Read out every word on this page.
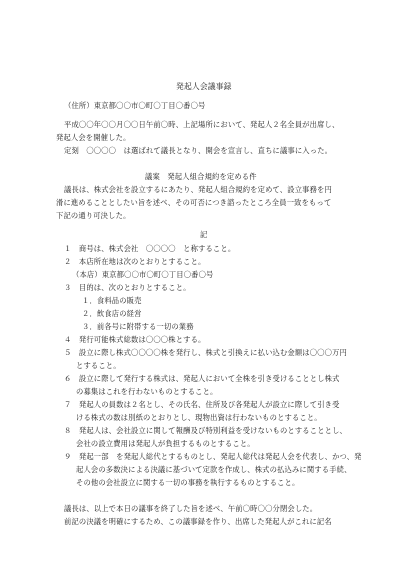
発起人会議事録
（住所）東京都〇〇市〇町〇丁目〇番〇号
平成〇〇年〇〇月〇〇日午前〇時、上記場所において、発起人２名全員が出席し、
発起人会を開催した。
定刻　〇〇〇〇　は選ばれて議長となり、開会を宣言し、直ちに議事に入った。
議案　発起人組合規約を定める件
議長は、株式会社を設立するにあたり、発起人組合規約を定めて、設立事務を円
滑に進めることとしたい旨を述べ、その可否につき諮ったところ全員一致をもって
下記の通り可決した。
記
１　商号は、株式会社　〇〇〇〇　と称すること。
２　本店所在地は次のとおりとすること。
（本店）東京都〇〇市〇町〇丁目〇番〇号
３　目的は、次のとおりとすること。
１．食料品の販売
２．飲食店の経営
３．前各号に附帯する一切の業務
４　発行可能株式総数は〇〇〇株とする。
５　設立に際し株式〇〇〇〇株を発行し、株式と引換えに払い込む金額は〇〇〇万円
とすること。
６　設立に際して発行する株式は、発起人において全株を引き受けることとし株式
の募集はこれを行わないものとすること。
７　発起人の員数は２名とし、その氏名、住所及び各発起人が設立に際して引き受
ける株式の数は別紙のとおりとし、現物出資は行わないものとすること。
８　発起人は、会社設立に関して報酬及び特別利益を受けないものとすることとし、
会社の設立費用は発起人が負担するものとすること。
９　発起一部　を発起人総代とするものとし、発起人総代は発起人会を代表し、かつ、発
起人会の多数決による決議に基づいて定款を作成し、株式の払込みに関する手続、
その他の会社設立に関する一切の事務を執行するものとすること。
議長は、以上で本日の議事を終了した旨を述べ、午前〇時〇〇分閉会した。
前記の決議を明確にするため、この議事録を作り、出席した発起人がこれに記名
